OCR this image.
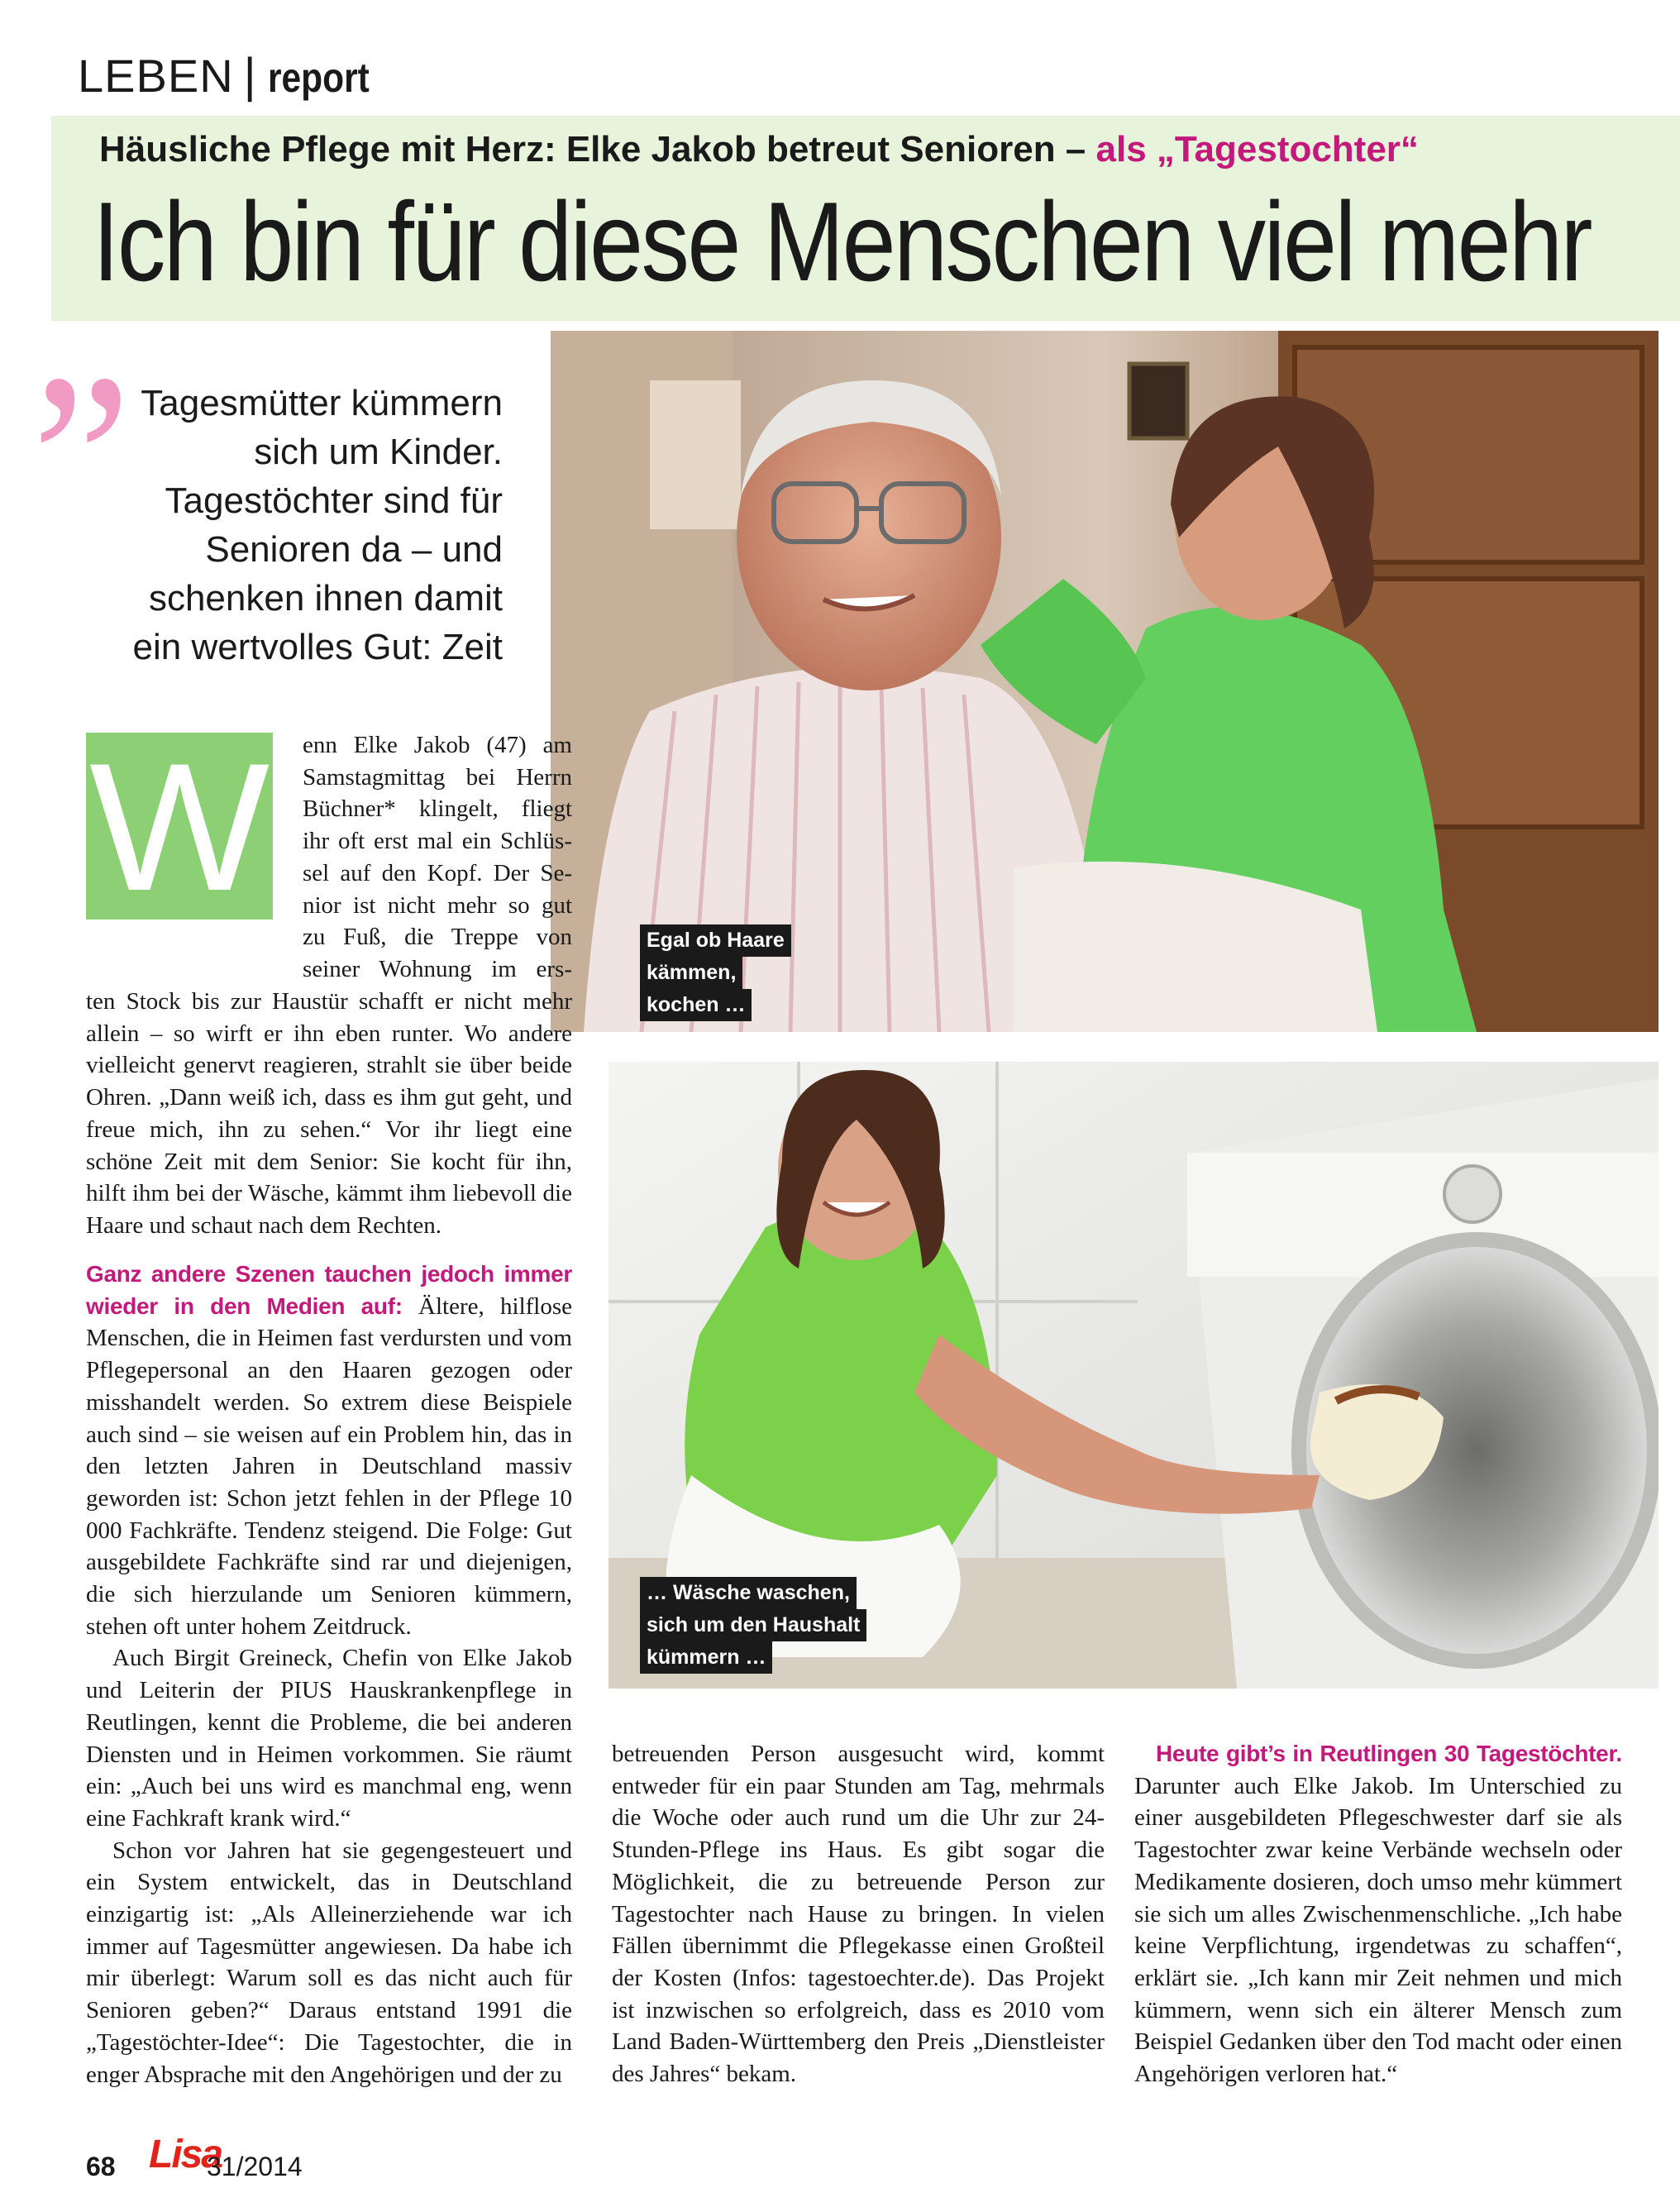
LEBEN | report
Häusliche Pflege mit Herz: Elke Jakob betreut Senioren – als „Tagestochter“
„
Ich bin für diese Menschen viel mehr
Tagesmütter kümmern
sich um Kinder.
Tagestöchter sind für
Senioren da – und
schenken ihnen damit
ein wertvolles Gut: Zeit
Egal ob Haare
kämmen,
kochen …
… Wäsche waschen,
sich um den Haushalt
kümmern …
W	enn Elke Jakob (47) am
Samstagmittag bei Herrn
Büchner* klingelt, fliegt
ihr oft erst mal ein Schlüs-
sel auf den Kopf. Der Se-
nior ist nicht mehr so gut
zu Fuß, die Treppe von
seiner Wohnung im ers-

ten Stock bis zur Haustür schafft er nicht mehr allein – so wirft er ihn eben runter. Wo andere vielleicht genervt reagieren, strahlt sie über beide Ohren. „Dann weiß ich, dass es ihm gut geht, und freue mich, ihn zu sehen.“ Vor ihr liegt eine schöne Zeit mit dem Senior: Sie kocht für ihn, hilft ihm bei der Wäsche, kämmt ihm liebevoll die Haare und schaut nach dem Rechten.

Ganz andere Szenen tauchen jedoch immer wieder in den Medien auf: Ältere, hilflose Menschen, die in Heimen fast verdursten und vom Pflegepersonal an den Haaren gezogen oder misshandelt werden. So extrem diese Beispiele auch sind – sie weisen auf ein Problem hin, das in den letzten Jahren in Deutschland massiv geworden ist: Schon jetzt fehlen in der Pflege 10 000 Fachkräfte. Tendenz steigend. Die Folge: Gut ausgebildete Fachkräfte sind rar und diejenigen, die sich hierzulande um Senioren kümmern, stehen oft unter hohem Zeitdruck.

Auch Birgit Greineck, Chefin von Elke Jakob und Leiterin der PIUS Hauskrankenpflege in Reutlingen, kennt die Probleme, die bei anderen Diensten und in Heimen vorkommen. Sie räumt ein: „Auch bei uns wird es manchmal eng, wenn eine Fachkraft krank wird.“

Schon vor Jahren hat sie gegengesteuert und ein System entwickelt, das in Deutschland einzigartig ist: „Als Alleinerziehende war ich immer auf Tagesmütter angewiesen. Da habe ich mir überlegt: Warum soll es das nicht auch für Senioren geben?“ Daraus entstand 1991 die „Tagestöchter-Idee“: Die Tagestochter, die in enger Absprache mit den Angehörigen und der zu

betreuenden Person ausgesucht wird, kommt entweder für ein paar Stunden am Tag, mehrmals die Woche oder auch rund um die Uhr zur 24-Stunden-Pflege ins Haus. Es gibt sogar die Möglichkeit, die zu betreuende Person zur Tagestochter nach Hause zu bringen. In vielen Fällen übernimmt die Pflegekasse einen Großteil der Kosten (Infos: tagestoechter.de). Das Projekt ist inzwischen so erfolgreich, dass es 2010 vom Land Baden-Württemberg den Preis „Dienstleister des Jahres“ bekam.

Heute gibt’s in Reutlingen 30 Tagestöchter. Darunter auch Elke Jakob. Im Unterschied zu einer ausgebildeten Pflegeschwester darf sie als Tagestochter zwar keine Verbände wechseln oder Medikamente dosieren, doch umso mehr kümmert sie sich um alles Zwischenmenschliche. „Ich habe keine Verpflichtung, irgendetwas zu schaffen“, erklärt sie. „Ich kann mir Zeit nehmen und mich kümmern, wenn sich ein älterer Mensch zum Beispiel Gedanken über den Tod macht oder einen Angehörigen verloren hat.“

68 Lisa
31/2014
